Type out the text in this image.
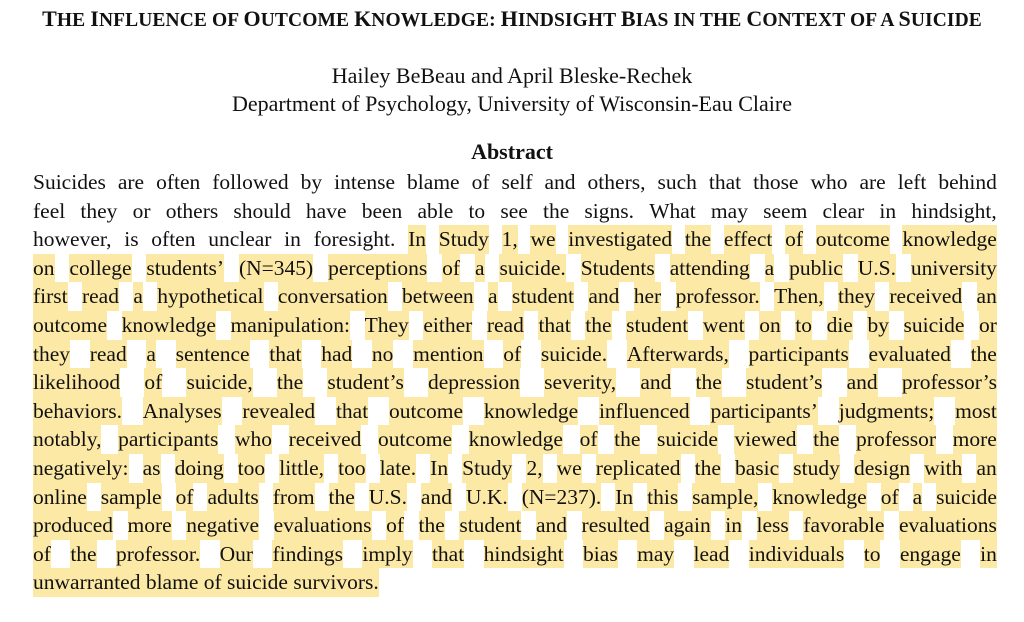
THE INFLUENCE OF OUTCOME KNOWLEDGE: HINDSIGHT BIAS IN THE CONTEXT OF A SUICIDE
Hailey BeBeau and April Bleske-Rechek
Department of Psychology, University of Wisconsin-Eau Claire
Abstract
Suicides are often followed by intense blame of self and others, such that those who are left behind
feel they or others should have been able to see the signs. What may seem clear in hindsight,
however, is often unclear in foresight. In Study 1, we investigated the effect of outcome knowledge
on college students’ (N=345) perceptions of a suicide. Students attending a public U.S. university
first read a hypothetical conversation between a student and her professor. Then, they received an
outcome knowledge manipulation: They either read that the student went on to die by suicide or
they read a sentence that had no mention of suicide. Afterwards, participants evaluated the
likelihood of suicide, the student’s depression severity, and the student’s and professor’s
behaviors. Analyses revealed that outcome knowledge influenced participants’ judgments; most
notably, participants who received outcome knowledge of the suicide viewed the professor more
negatively: as doing too little, too late. In Study 2, we replicated the basic study design with an
online sample of adults from the U.S. and U.K. (N=237). In this sample, knowledge of a suicide
produced more negative evaluations of the student and resulted again in less favorable evaluations
of the professor. Our findings imply that hindsight bias may lead individuals to engage in
unwarranted
blame
of
suicide
survivors.
